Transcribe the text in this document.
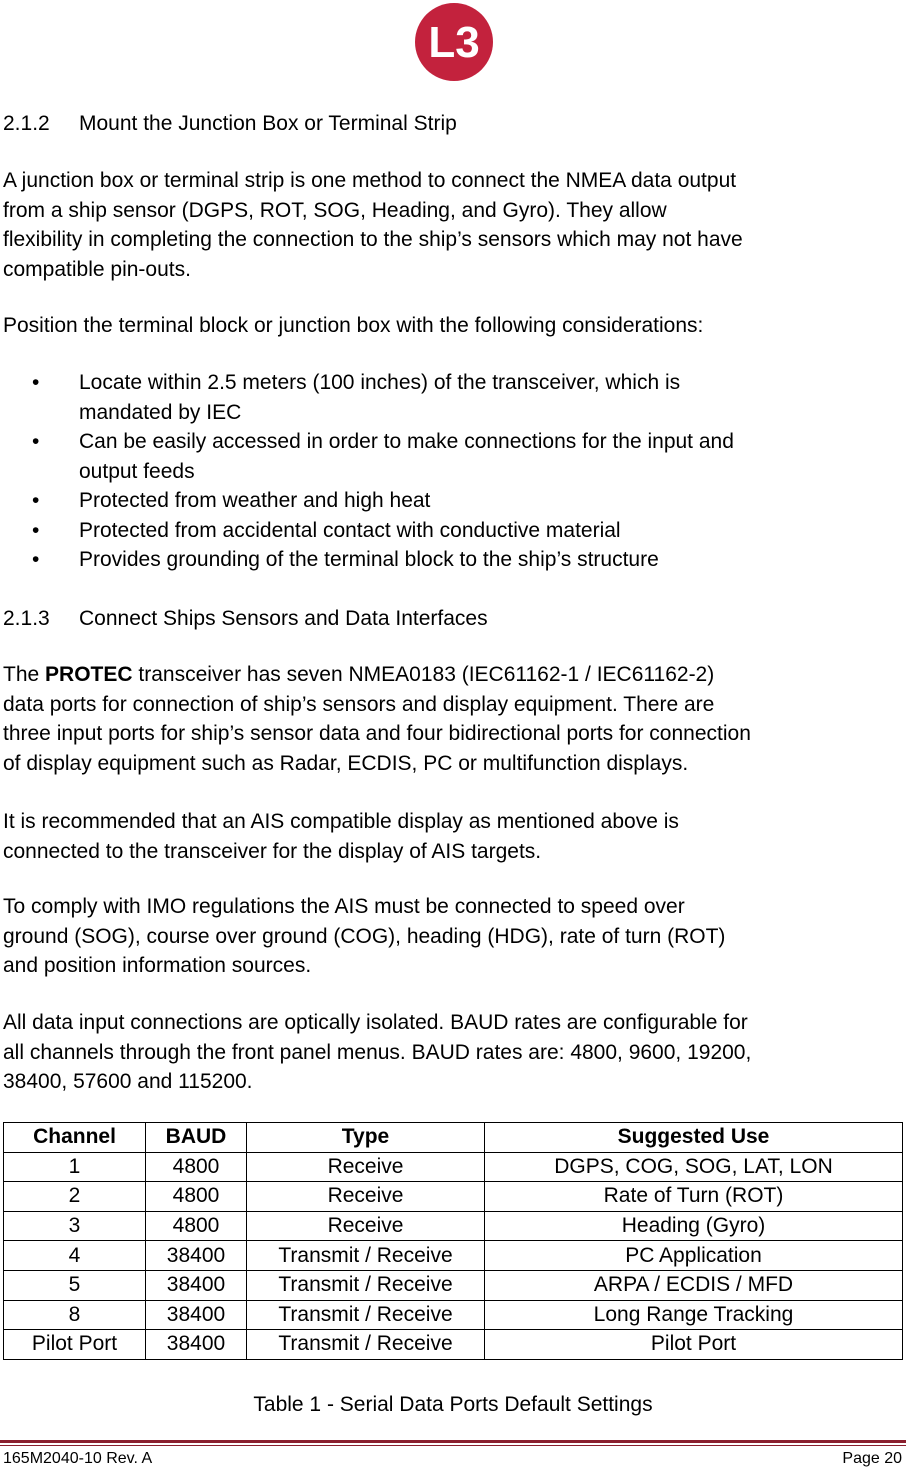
L3
2.1.2 Mount the Junction Box or Terminal Strip
A junction box or terminal strip is one method to connect the NMEA data output
from a ship sensor (DGPS, ROT, SOG, Heading, and Gyro). They allow
flexibility in completing the connection to the ship’s sensors which may not have
compatible pin-outs.
Position the terminal block or junction box with the following considerations:
• Locate within 2.5 meters (100 inches) of the transceiver, which is
mandated by IEC
• Can be easily accessed in order to make connections for the input and
output feeds
• Protected from weather and high heat
• Protected from accidental contact with conductive material
• Provides grounding of the terminal block to the ship’s structure
2.1.3 Connect Ships Sensors and Data Interfaces
The PROTEC transceiver has seven NMEA0183 (IEC61162-1 / IEC61162-2)
data ports for connection of ship’s sensors and display equipment. There are
three input ports for ship’s sensor data and four bidirectional ports for connection
of display equipment such as Radar, ECDIS, PC or multifunction displays.
It is recommended that an AIS compatible display as mentioned above is
connected to the transceiver for the display of AIS targets.
To comply with IMO regulations the AIS must be connected to speed over
ground (SOG), course over ground (COG), heading (HDG), rate of turn (ROT)
and position information sources.
All data input connections are optically isolated. BAUD rates are configurable for
all channels through the front panel menus. BAUD rates are: 4800, 9600, 19200,
38400, 57600 and 115200.
Channel	BAUD	Type	Suggested Use
1	4800	Receive	DGPS, COG, SOG, LAT, LON
2	4800	Receive	Rate of Turn (ROT)
3	4800	Receive	Heading (Gyro)
4	38400	Transmit / Receive	PC Application
5	38400	Transmit / Receive	ARPA / ECDIS / MFD
8	38400	Transmit / Receive	Long Range Tracking
Pilot Port	38400	Transmit / Receive	Pilot Port
Table 1 - Serial Data Ports Default Settings
165M2040-10 Rev. A	Page 20
